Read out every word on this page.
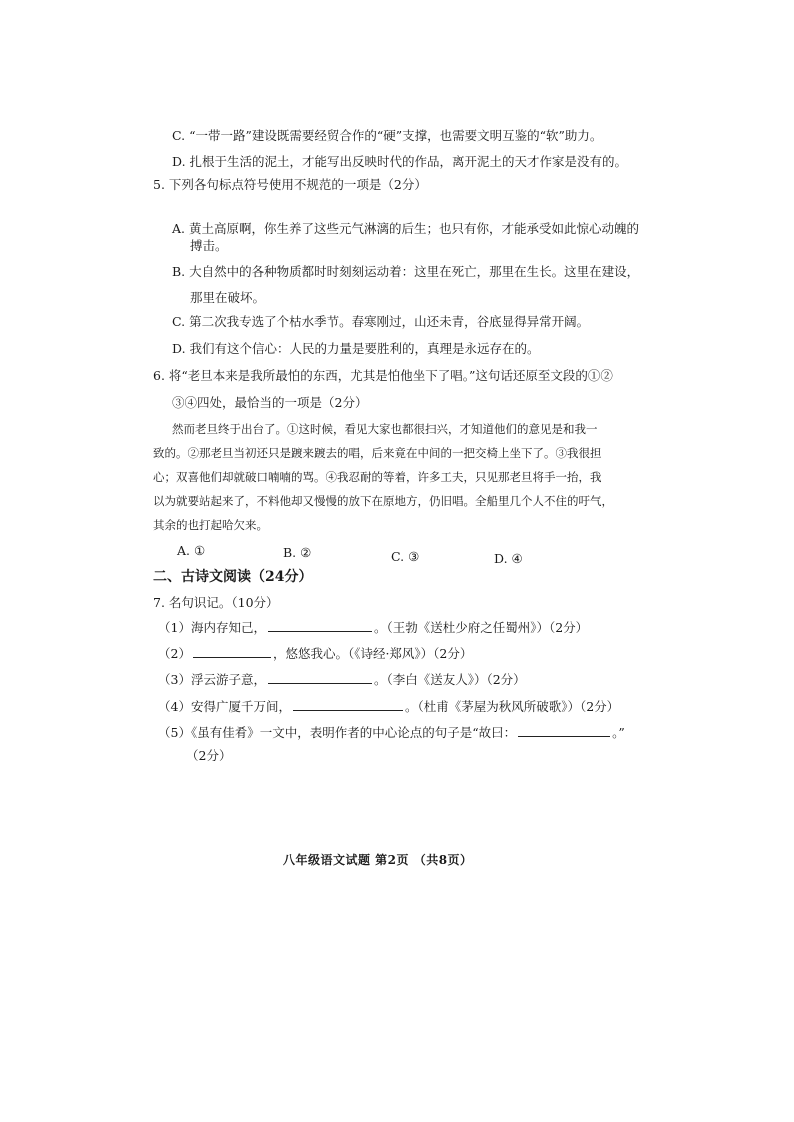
C. “一带一路”建设既需要经贸合作的“硬”支撑，也需要文明互鉴的“软”助力。
D. 扎根于生活的泥土，才能写出反映时代的作品，离开泥土的天才作家是没有的。
5. 下列各句标点符号使用不规范的一项是（2分）
A. 黄土高原啊，你生养了这些元气淋漓的后生；也只有你，才能承受如此惊心动魄的
搏击。
B. 大自然中的各种物质都时时刻刻运动着：这里在死亡，那里在生长。这里在建设，
那里在破坏。
C. 第二次我专选了个枯水季节。春寒刚过，山还未青，谷底显得异常开阔。
D. 我们有这个信心：人民的力量是要胜利的，真理是永远存在的。
6. 将“老旦本来是我所最怕的东西，尤其是怕他坐下了唱。”这句话还原至文段的①②
③④四处，最恰当的一项是（2分）
然而老旦终于出台了。①这时候，看见大家也都很扫兴，才知道他们的意见是和我一
致的。②那老旦当初还只是踱来踱去的唱，后来竟在中间的一把交椅上坐下了。③我很担
心；双喜他们却就破口喃喃的骂。④我忍耐的等着，许多工夫，只见那老旦将手一抬，我
以为就要站起来了，不料他却又慢慢的放下在原地方，仍旧唱。全船里几个人不住的吁气，
其余的也打起哈欠来。
A. ①	B. ②	C. ③	D. ④
二、古诗文阅读（24分）
7. 名句识记。（10分）
（1）海内存知己，	。（王勃《送杜少府之任蜀州》）（2分）
（2）	，悠悠我心。（《诗经·郑风》）（2分）
（3）浮云游子意，	。（李白《送友人》）（2分）
（4）安得广厦千万间，	。（杜甫《茅屋为秋风所破歌》）（2分）
（5）《虽有佳肴》一文中，表明作者的中心论点的句子是“故曰：	。”
（2分）
八年级语文试题 第2页 （共8页）
